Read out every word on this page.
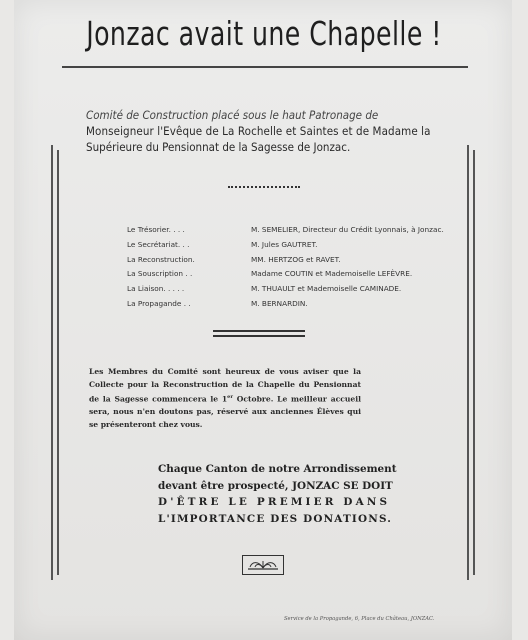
Jonzac avait une Chapelle !
Comité de Construction placé sous le haut Patronage de
Monseigneur l'Evêque de La Rochelle et Saintes et de Madame la
Supérieure du Pensionnat de la Sagesse de Jonzac.
Le Trésorier. . . .	M. SEMELIER, Directeur du Crédit Lyonnais, à Jonzac.
Le Secrétariat. . .	M. Jules GAUTRET.
La Reconstruction.	MM. HERTZOG et RAVET.
La Souscription . .	Madame COUTIN et Mademoiselle LEFÈVRE.
La Liaison. . . . .	M. THUAULT et Mademoiselle CAMINADE.
La Propagande . .	M. BERNARDIN.
Les Membres du Comité sont heureux de vous aviser que la Collecte pour la Reconstruction de la Chapelle du Pensionnat de la Sagesse commencera le 1er Octobre. Le meilleur accueil sera, nous n'en doutons pas, réservé aux anciennes Élèves qui se présenteront chez vous.
Chaque Canton de notre Arrondissement
devant être prospecté, JONZAC SE DOIT
D'ÊTRE LE PREMIER DANS
L'IMPORTANCE DES DONATIONS.
Service de la Propagande, 6, Place du Château, JONZAC.
